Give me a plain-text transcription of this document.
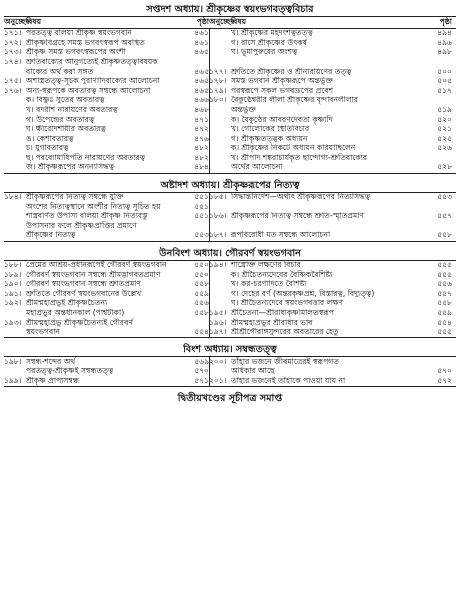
সপ্তদশ অধ্যায়। শ্রীকৃষ্ণের স্বয়ংভগবত্ত্ববিচার
অনুচ্ছেদ
বিষয়	পৃষ্ঠা অনুচ্ছেদ
বিষয়	পৃষ্ঠা
১৭১। পরতত্ত্ব বলিয়া শ্রীকৃষ্ণ স্বয়ংভগবান	৪৬১	খ। শ্রীকৃষ্ণের মহদংশত্বতত্ত্ব	৪৯৪
১৭২। শ্রীকৃষ্ণবিগ্রহে সমস্ত ভগবৎস্বরূপ অবস্থিত	৪৬১	গ। রাসে শ্রীকৃষ্ণের উৎকর্ষ	৪৯৬
১৭৩। শ্রীকৃষ্ণ সমস্ত ভগবৎস্বরূপের অংশী	৪৬৫	ঘ। ভূমাপুরুষের অংশত্ব	৪৯৮
১৭৪। শ্রুতিবাক্যের আনুগত্যেই শ্রীকৃষ্ণতত্ত্ববিষয়ক
বাক্যের অর্থ করা সঙ্গত	৪৬৫ ১৭৭। শ্রুতিতে শ্রীকৃষ্ণের ও শ্রীনারায়ণের তত্ত্ব	৫০০
১৭৫। অশাস্ত্রতত্ত্ব-সূচক পুরাণাদিবাক্যের আলোচনা	৪৬৫ ১৭৮। সমস্ত ভগবান শ্রীকৃষ্ণরূপে অন্তর্ভুক্ত	৫০৫
১৭৬। অন্য-স্বরূপকে অবতারত্ব সম্বন্ধে আলোচনা	৪৬৫ ১৭৯। পরস্বরূপে সকল ভগবদ্রূপের প্রবেশ	৫১৭
ক। বিষ্ণুঃ সুতের অবতারত্ব	৪৬৬ ১৮০। বৈকুণ্ঠেশ্বরীর লীলা শ্রীকৃষ্ণের বৃন্দাবনলীলার
খ। বদরীশ নারায়ণের অবতারত্ব	৪৬৮	অন্তর্ভুক্ত	৫১৯
গ। উপেন্দ্রের অবতারত্ব	৪৭১	ক। বৈকুণ্ঠের আবরণদেবতা কৃষ্ণাদি	৫২০
ঘ। ক্ষীরোদশায়ীর অবতারত্ব	৪৭২	খ। গোলোকের স্থিতিবিচার	৫২১
ঙ। কেশাবতারত্ব	৪৭৬	গ। শ্রীকৃষ্ণতত্ত্বক অধ্যয়ন	৫২৫
চ। যুগাবতারত্ব	৪৮২	ক। শ্রীকৃষ্ণের নিকটে অধ্যয়ন করিয়াছিলেন	৫২৬
ছ। পরব্যোমাধিপতি নারায়ণের অবতারত্ব	৪৮২	খ। শ্রীপাদ শঙ্করাচার্যকৃত ছান্দোগ্য-শ্রুতিবাক্যের
জ। শ্রীকৃষ্ণরূপের অনন্যসিদ্ধত্ব	৪৮৪	অর্থের আলোচনা	৫২৮
অষ্টাদশ অধ্যায়। শ্রীকৃষ্ণরূপের নিত্যত্ব
১৮৪। শ্রীকৃষ্ণরূপের নিত্যত্ব সম্বন্ধে যুক্তি	৫৫১ ১৮৫। সিদ্ধান্তনির্দেশ—অর্থাৎ শ্রীকৃষ্ণরূপের নিত্যসিদ্ধত্ব	৫৫৩
অংশের নিত্যত্বস্থানে অংশীর নিত্যত্ব সূচিত হয়	৫৫১
শাস্ত্রবর্ণিত উপাস্য বলিয়া শ্রীকৃষ্ণ নিত্যবস্তু	৫৫১ ১৮৬। শ্রীকৃষ্ণরূপের নিত্যত্ব সম্বন্ধে শ্রুতি-স্মৃতিপ্রমাণ	৫৫৭
উপাসনার ফলে শ্রীকৃষ্ণপ্রাপ্তির প্রমাণে
শ্রীকৃষ্ণের নিত্যত্ব	৫৫৩ ১৮৭। রূপবিরোধী মত সম্বন্ধে আলোচনা	৫৫৮
উনবিংশ অধ্যায়। গৌরবর্ণ স্বয়ংভগবান
১৮৮। প্রেমের আশ্রয়-প্রধানরূপেই গৌরবর্ণ স্বয়ংভগবান	৫৫০ ১৯৪। শাস্ত্রোক্ত লক্ষণের বিচার	৫৫৫
১৮৯। গৌরবর্ণ স্বয়ংভগবান সম্বন্ধে শ্রীমদ্ভাগবতপ্রমাণ	৫৫০	ক। শ্রীচৈতন্যদেবের বৈষ্ণিকবৈশিষ্ট্য	৫৫৫
১৯০। গৌরবর্ণ স্বয়ংভগবান সম্বন্ধে শ্রুতিপ্রমাণ	৫৫৮	খ। কর-চরণাদিতে বৈশিষ্ট্য	৫৫৬
১৯১। শ্রুতিতে গৌরবর্ণ স্বয়ংভগবানের উল্লেখ	৫৫৯	গ। দেহের বর্ণ (অন্তরকৃষ্ণপ্রশ্ন, বিস্তারত্ব, বিদ্যুত্ত্ব)	৫৫৭
১৯২। শ্রীমন্মহাপ্রভুই শ্রীকৃষ্ণচৈতন্য	৫৫৬	ঘ। শ্রীচৈতন্যদেবে স্বয়ংভগবত্তার লক্ষণ	৫৫৮
মহাপ্রভুর অন্তর্ধানকাল (পার্শ্বটীকা)	৫৫৮ ১৯৫। শ্রীচৈতন্য—শ্রীরাধাকৃষ্ণমিলিতস্বরূপ	৫৫৯
১৯৩। শ্রীমন্মহাপ্রভু শ্রীকৃষ্ণচৈতন্যই গৌরবর্ণ	১৯৬। শ্রীমন্মহাপ্রভুর শ্রীরাধার ভাব	৫৫৪
স্বয়ংভগবান	৫৫৪ ১৯৭। শ্রীশ্রীগৌরাঙ্গসুন্দরের অবতারের হেতু	৫৫৫
বিংশ অধ্যায়। সম্বন্ধতত্ত্ব
১৯৮। সম্বন্ধ-শব্দের অর্থ	৫৬৯ ২০০। তাঁহার ভজনে জীবমাত্রেরই স্বরূপগত
পরতত্ত্ব-শ্রীকৃষ্ণই সম্বন্ধতত্ত্ব	৫৭০	অধিকার আছে	৫৭০
১৯৯। শ্রীকৃষ্ণ প্রাপ্যসম্বন্ধ	৫৭১ ২০১। তাঁহার ভজনেই তাঁহাকে পাওয়া যায় না	৫৭২
দ্বিতীয়খণ্ডের সূচীপত্র সমাপ্ত
